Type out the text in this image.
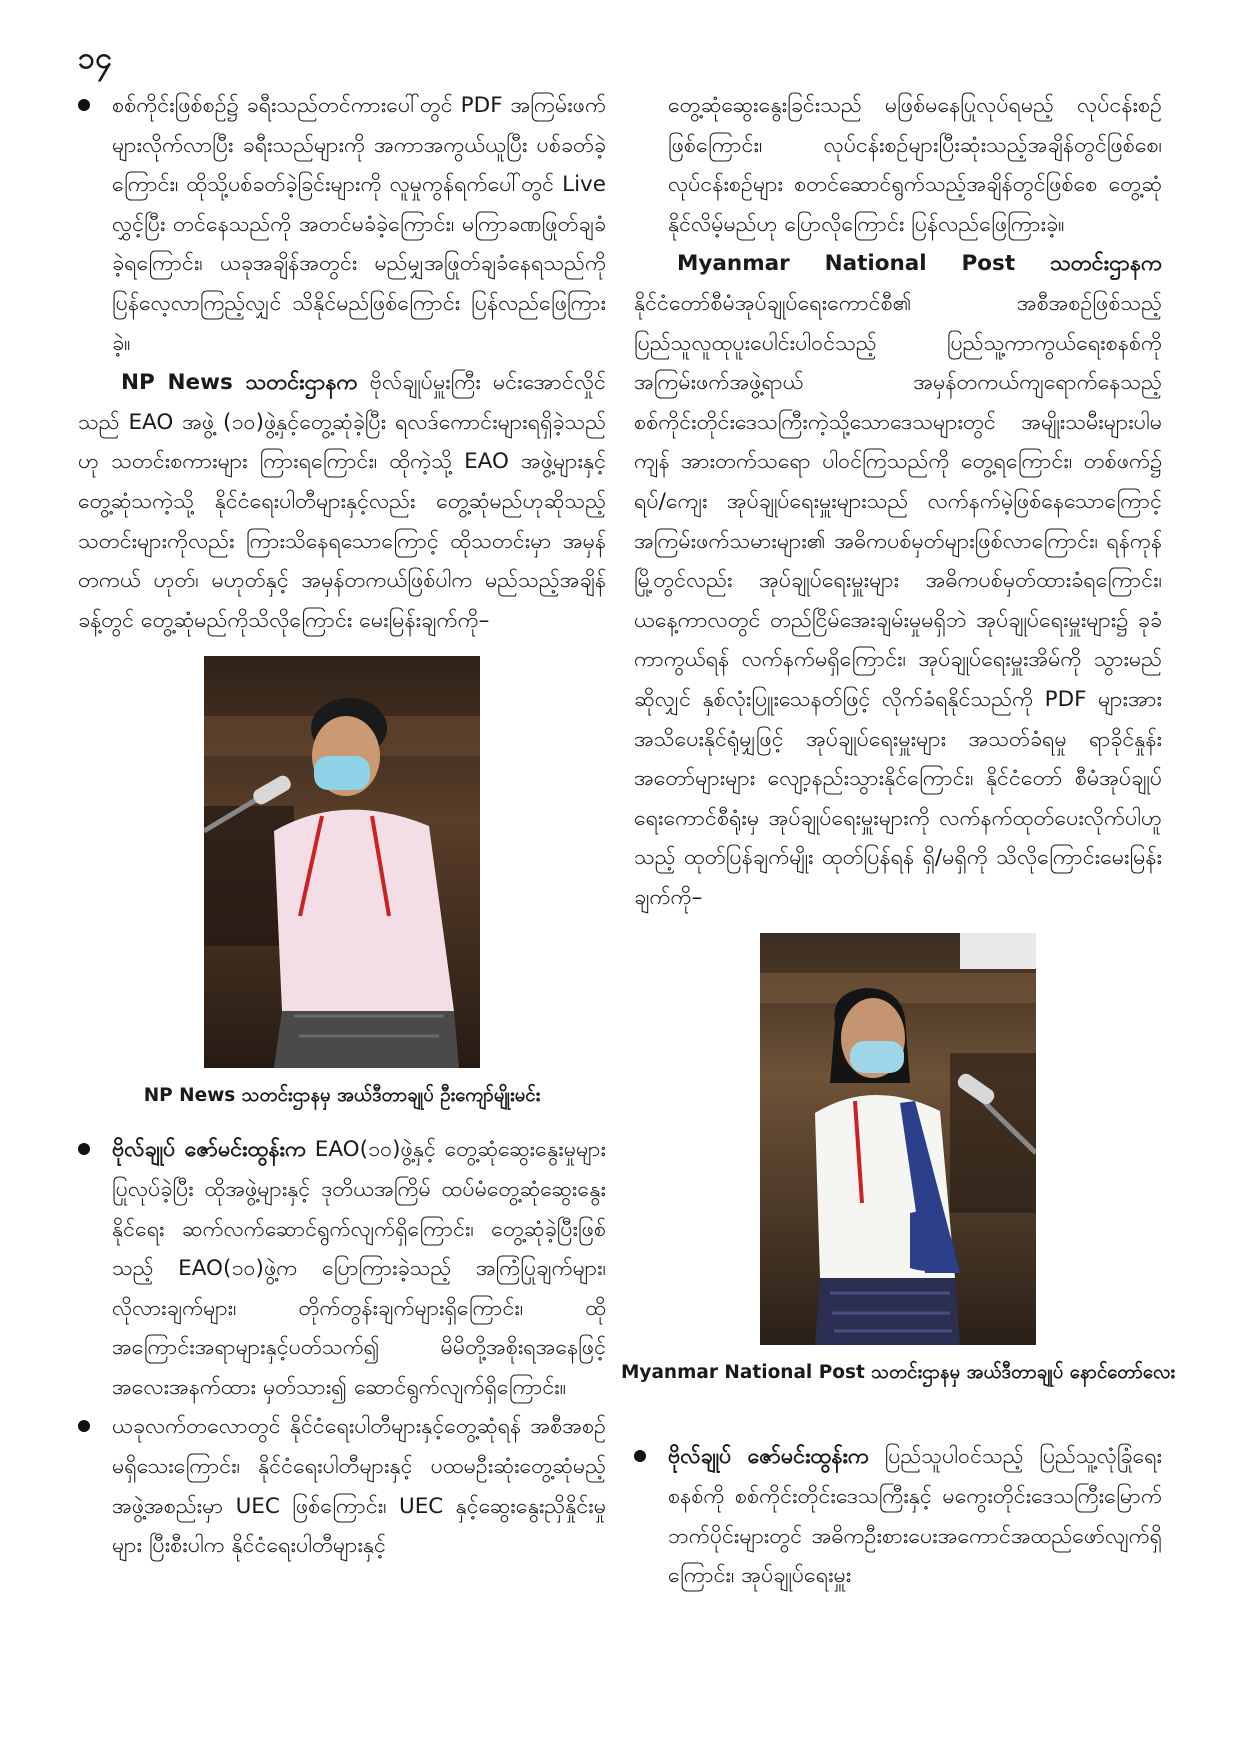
၁၄

စစ်ကိုင်းဖြစ်စဉ်၌ ခရီးသည်တင်ကားပေါ်တွင် PDF အကြမ်းဖက်များလိုက်လာပြီး ခရီးသည်များကို အကာအကွယ်ယူပြီး ပစ်ခတ်ခဲ့ကြောင်း၊ ထိုသို့ပစ်ခတ်ခဲ့ခြင်းများကို လူမှုကွန်ရက်ပေါ်တွင် Live လွှင့်ပြီး တင်နေသည်ကို အတင်မခံခဲ့ကြောင်း၊ မကြာခဏဖြုတ်ချခံခဲ့ရကြောင်း၊ ယခုအချိန်အတွင်း မည်မျှအဖြုတ်ချခံနေရသည်ကို ပြန်လေ့လာကြည့်လျှင် သိနိုင်မည်ဖြစ်ကြောင်း ပြန်လည်ဖြေကြားခဲ့။

NP News သတင်းဌာနက ဗိုလ်ချုပ်မှူးကြီး မင်းအောင်လှိုင်သည် EAO အဖွဲ့ (၁၀)ဖွဲ့နှင့်တွေ့ဆုံခဲ့ပြီး ရလဒ်ကောင်းများရရှိခဲ့သည်ဟု သတင်းစကားများ ကြားရကြောင်း၊ ထိုကဲ့သို့ EAO အဖွဲ့များနှင့်တွေ့ဆုံသကဲ့သို့ နိုင်ငံရေးပါတီများနှင့်လည်း တွေ့ဆုံမည်ဟုဆိုသည့်သတင်းများကိုလည်း ကြားသိနေရသောကြောင့် ထိုသတင်းမှာ အမှန်တကယ် ဟုတ်၊ မဟုတ်နှင့် အမှန်တကယ်ဖြစ်ပါက မည်သည့်အချိန်ခန့်တွင် တွေ့ဆုံမည်ကိုသိလိုကြောင်း မေးမြန်းချက်ကို–

NP News သတင်းဌာနမှ အယ်ဒီတာချုပ် ဦးကျော်မျိုးမင်း

ဗိုလ်ချုပ် ဇော်မင်းထွန်းက EAO(၁၀)ဖွဲ့နှင့် တွေ့ဆုံဆွေးနွေးမှုများ ပြုလုပ်ခဲ့ပြီး ထိုအဖွဲ့များနှင့် ဒုတိယအကြိမ် ထပ်မံတွေ့ဆုံဆွေးနွေးနိုင်ရေး ဆက်လက်ဆောင်ရွက်လျက်ရှိကြောင်း၊ တွေ့ဆုံခဲ့ပြီးဖြစ်သည့် EAO(၁၀)ဖွဲ့က ပြောကြားခဲ့သည့် အကြံပြုချက်များ၊ လိုလားချက်များ၊ တိုက်တွန်းချက်များရှိကြောင်း၊ ထိုအကြောင်းအရာများနှင့်ပတ်သက်၍ မိမိတို့အစိုးရအနေဖြင့် အလေးအနက်ထား မှတ်သား၍ ဆောင်ရွက်လျက်ရှိကြောင်း။

ယခုလက်တလောတွင် နိုင်ငံရေးပါတီများနှင့်တွေ့ဆုံရန် အစီအစဉ်မရှိသေးကြောင်း၊ နိုင်ငံရေးပါတီများနှင့် ပထမဦးဆုံးတွေ့ဆုံမည့် အဖွဲ့အစည်းမှာ UEC ဖြစ်ကြောင်း၊ UEC နှင့်ဆွေးနွေးညှိနှိုင်းမှုများ ပြီးစီးပါက နိုင်ငံရေးပါတီများနှင့်

တွေ့ဆုံဆွေးနွေးခြင်းသည် မဖြစ်မနေပြုလုပ်ရမည့် လုပ်ငန်းစဉ်ဖြစ်ကြောင်း၊ လုပ်ငန်းစဉ်များပြီးဆုံးသည့်အချိန်တွင်ဖြစ်စေ၊ လုပ်ငန်းစဉ်များ စတင်ဆောင်ရွက်သည့်အချိန်တွင်ဖြစ်စေ တွေ့ဆုံနိုင်လိမ့်မည်ဟု ပြောလိုကြောင်း ပြန်လည်ဖြေကြားခဲ့။

Myanmar National Post သတင်းဌာနက နိုင်ငံတော်စီမံအုပ်ချုပ်ရေးကောင်စီ၏ အစီအစဉ်ဖြစ်သည့် ပြည်သူလူထုပူးပေါင်းပါဝင်သည့် ပြည်သူ့ကာကွယ်ရေးစနစ်ကို အကြမ်းဖက်အဖွဲ့ရာယ် အမှန်တကယ်ကျရောက်နေသည့် စစ်ကိုင်းတိုင်းဒေသကြီးကဲ့သို့သောဒေသများတွင် အမျိုးသမီးများပါမကျန် အားတက်သရော ပါဝင်ကြသည်ကို တွေ့ရကြောင်း၊ တစ်ဖက်၌ ရပ်/ကျေး အုပ်ချုပ်ရေးမှူးများသည် လက်နက်မဲ့ဖြစ်နေသောကြောင့် အကြမ်းဖက်သမားများ၏ အဓိကပစ်မှတ်များဖြစ်လာကြောင်း၊ ရန်ကုန်မြို့တွင်လည်း အုပ်ချုပ်ရေးမှူးများ အဓိကပစ်မှတ်ထားခံရကြောင်း၊ ယနေ့ကာလတွင် တည်ငြိမ်အေးချမ်းမှုမရှိဘဲ အုပ်ချုပ်ရေးမှူးများ၌ ခုခံကာကွယ်ရန် လက်နက်မရှိကြောင်း၊ အုပ်ချုပ်ရေးမှူးအိမ်ကို သွားမည်ဆိုလျှင် နှစ်လုံးပြူးသေနတ်ဖြင့် လိုက်ခံရနိုင်သည်ကို PDF များအား အသိပေးနိုင်ရုံမျှဖြင့် အုပ်ချုပ်ရေးမှူးများ အသတ်ခံရမှု ရာခိုင်နှုန်းအတော်များများ လျော့နည်းသွားနိုင်ကြောင်း၊ နိုင်ငံတော် စီမံအုပ်ချုပ်ရေးကောင်စီရုံးမှ အုပ်ချုပ်ရေးမှူးများကို လက်နက်ထုတ်ပေးလိုက်ပါဟူသည့် ထုတ်ပြန်ချက်မျိုး ထုတ်ပြန်ရန် ရှိ/မရှိကို သိလိုကြောင်းမေးမြန်းချက်ကို–

Myanmar National Post သတင်းဌာနမှ အယ်ဒီတာချုပ် နောင်တော်လေး

ဗိုလ်ချုပ် ဇော်မင်းထွန်းက ပြည်သူပါဝင်သည့် ပြည်သူ့လုံခြုံရေးစနစ်ကို စစ်ကိုင်းတိုင်းဒေသကြီးနှင့် မကွေးတိုင်းဒေသကြီးမြောက်ဘက်ပိုင်းများတွင် အဓိကဦးစားပေးအကောင်အထည်ဖော်လျက်ရှိကြောင်း၊ အုပ်ချုပ်ရေးမှူး
